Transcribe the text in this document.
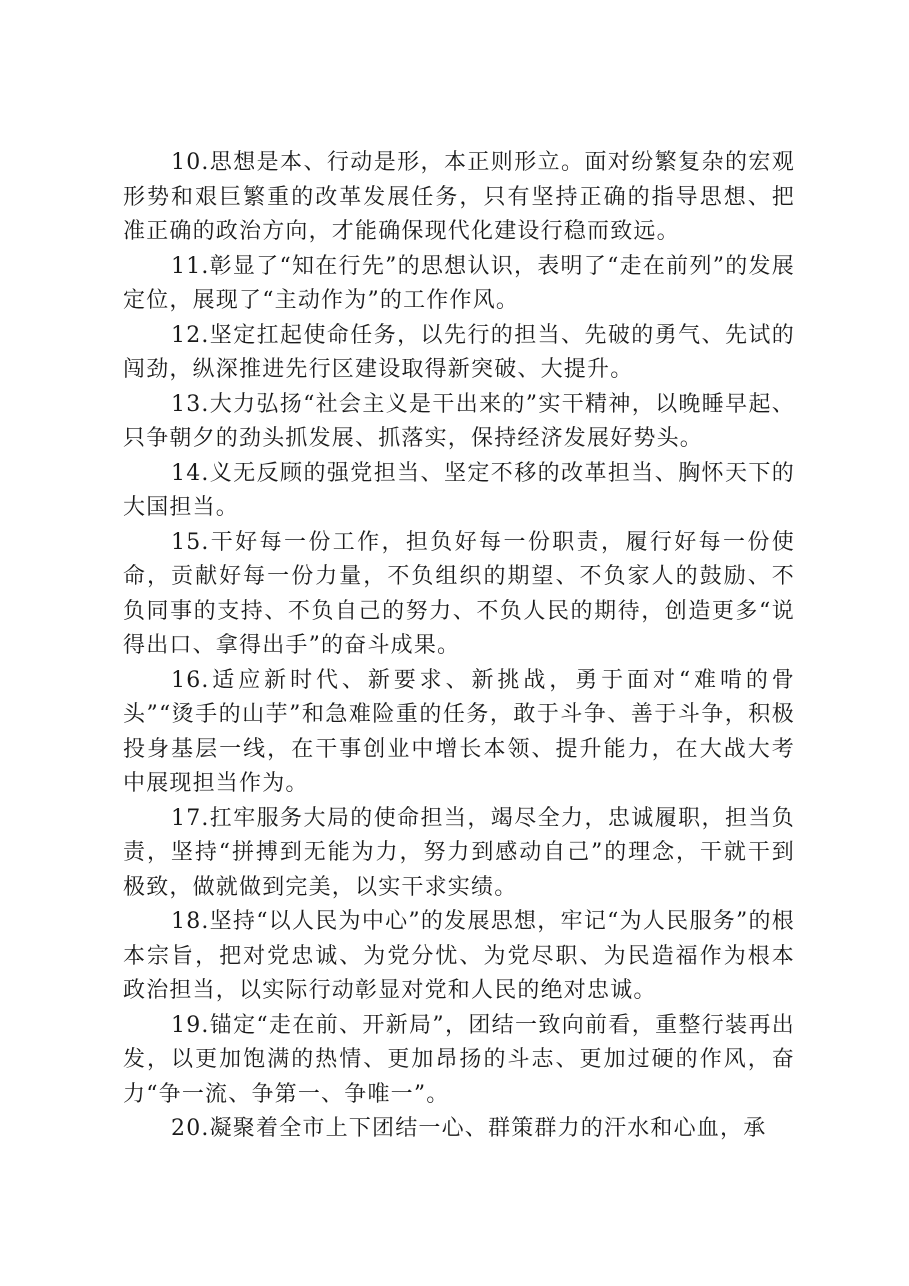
10.思想是本、行动是形，本正则形立。面对纷繁复杂的宏观形势和艰巨繁重的改革发展任务，只有坚持正确的指导思想、把准正确的政治方向，才能确保现代化建设行稳而致远。

11.彰显了“知在行先”的思想认识，表明了“走在前列”的发展定位，展现了“主动作为”的工作作风。

12.坚定扛起使命任务，以先行的担当、先破的勇气、先试的闯劲，纵深推进先行区建设取得新突破、大提升。

13.大力弘扬“社会主义是干出来的”实干精神，以晚睡早起、只争朝夕的劲头抓发展、抓落实，保持经济发展好势头。

14.义无反顾的强党担当、坚定不移的改革担当、胸怀天下的大国担当。

15.干好每一份工作，担负好每一份职责，履行好每一份使命，贡献好每一份力量，不负组织的期望、不负家人的鼓励、不负同事的支持、不负自己的努力、不负人民的期待，创造更多“说得出口、拿得出手”的奋斗成果。

16.适应新时代、新要求、新挑战，勇于面对“难啃的骨头”“烫手的山芋”和急难险重的任务，敢于斗争、善于斗争，积极投身基层一线，在干事创业中增长本领、提升能力，在大战大考中展现担当作为。

17.扛牢服务大局的使命担当，竭尽全力，忠诚履职，担当负责，坚持“拼搏到无能为力，努力到感动自己”的理念，干就干到极致，做就做到完美，以实干求实绩。

18.坚持“以人民为中心”的发展思想，牢记“为人民服务”的根本宗旨，把对党忠诚、为党分忧、为党尽职、为民造福作为根本政治担当，以实际行动彰显对党和人民的绝对忠诚。

19.锚定“走在前、开新局”，团结一致向前看，重整行装再出发，以更加饱满的热情、更加昂扬的斗志、更加过硬的作风，奋力“争一流、争第一、争唯一”。

20.凝聚着全市上下团结一心、群策群力的汗水和心血，承
